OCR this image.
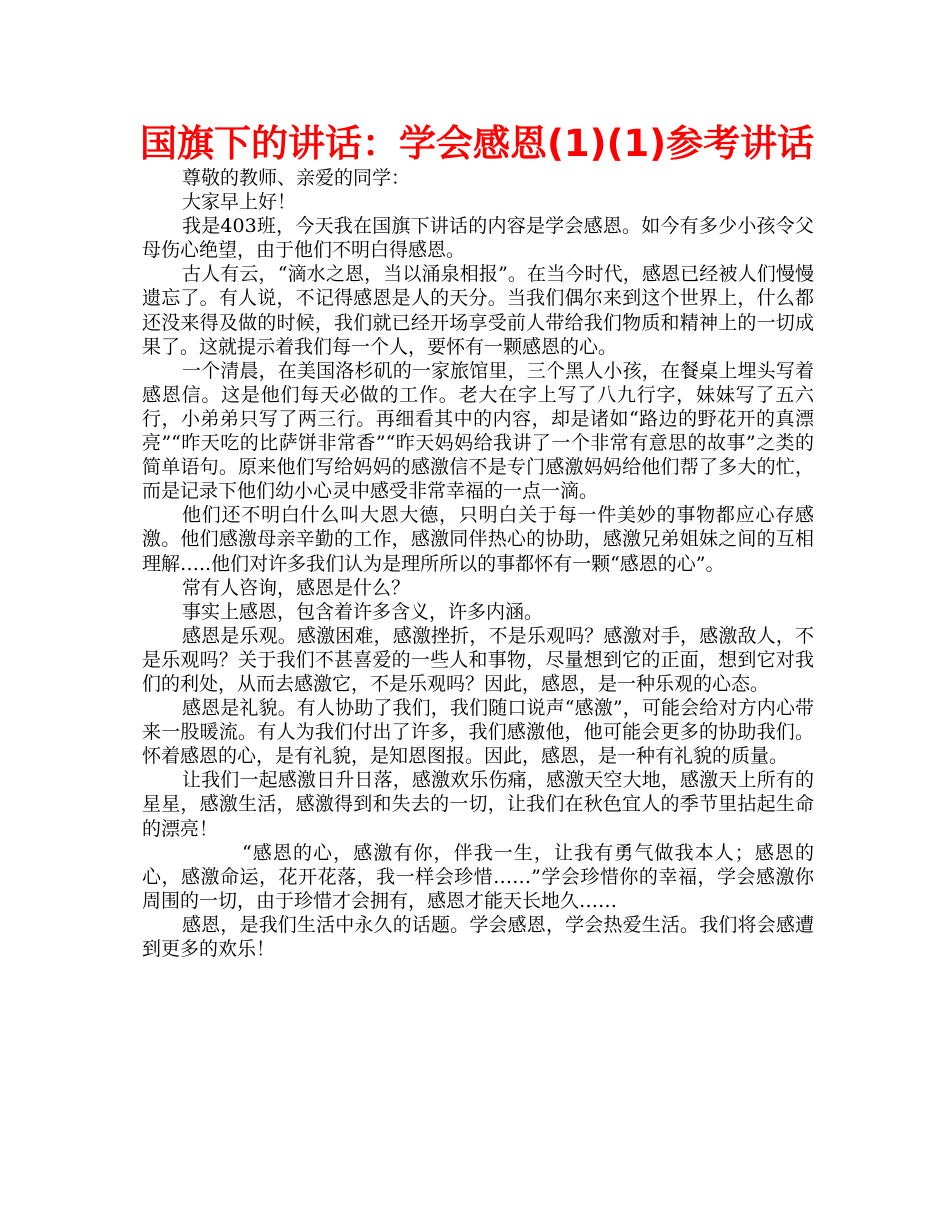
国旗下的讲话：学会感恩(1)(1)参考讲话

尊敬的教师、亲爱的同学：

大家早上好！

我是403班，今天我在国旗下讲话的内容是学会感恩。如今有多少小孩令父母伤心绝望，由于他们不明白得感恩。

古人有云，“滴水之恩，当以涌泉相报”。在当今时代，感恩已经被人们慢慢遗忘了。有人说，不记得感恩是人的天分。当我们偶尔来到这个世界上，什么都还没来得及做的时候，我们就已经开场享受前人带给我们物质和精神上的一切成果了。这就提示着我们每一个人，要怀有一颗感恩的心。

一个清晨，在美国洛杉矶的一家旅馆里，三个黑人小孩，在餐桌上埋头写着感恩信。这是他们每天必做的工作。老大在字上写了八九行字，妹妹写了五六行，小弟弟只写了两三行。再细看其中的内容，却是诸如“路边的野花开的真漂亮”“昨天吃的比萨饼非常香”“昨天妈妈给我讲了一个非常有意思的故事”之类的简单语句。原来他们写给妈妈的感激信不是专门感激妈妈给他们帮了多大的忙，而是记录下他们幼小心灵中感受非常幸福的一点一滴。

他们还不明白什么叫大恩大德，只明白关于每一件美妙的事物都应心存感激。他们感激母亲辛勤的工作，感激同伴热心的协助，感激兄弟姐妹之间的互相理解…..他们对许多我们认为是理所所以的事都怀有一颗“感恩的心”。

常有人咨询，感恩是什么？

事实上感恩，包含着许多含义，许多内涵。

感恩是乐观。感激困难，感激挫折，不是乐观吗？感激对手，感激敌人，不是乐观吗？关于我们不甚喜爱的一些人和事物，尽量想到它的正面，想到它对我们的利处，从而去感激它，不是乐观吗？因此，感恩，是一种乐观的心态。

感恩是礼貌。有人协助了我们，我们随口说声“感激”，可能会给对方内心带来一股暖流。有人为我们付出了许多，我们感激他，他可能会更多的协助我们。怀着感恩的心，是有礼貌，是知恩图报。因此，感恩，是一种有礼貌的质量。

让我们一起感激日升日落，感激欢乐伤痛，感激天空大地，感激天上所有的星星，感激生活，感激得到和失去的一切，让我们在秋色宜人的季节里拈起生命的漂亮！

“感恩的心，感激有你，伴我一生，让我有勇气做我本人；感恩的心，感激命运，花开花落，我一样会珍惜……”学会珍惜你的幸福，学会感激你周围的一切，由于珍惜才会拥有，感恩才能天长地久……

感恩，是我们生活中永久的话题。学会感恩，学会热爱生活。我们将会感遭到更多的欢乐！
